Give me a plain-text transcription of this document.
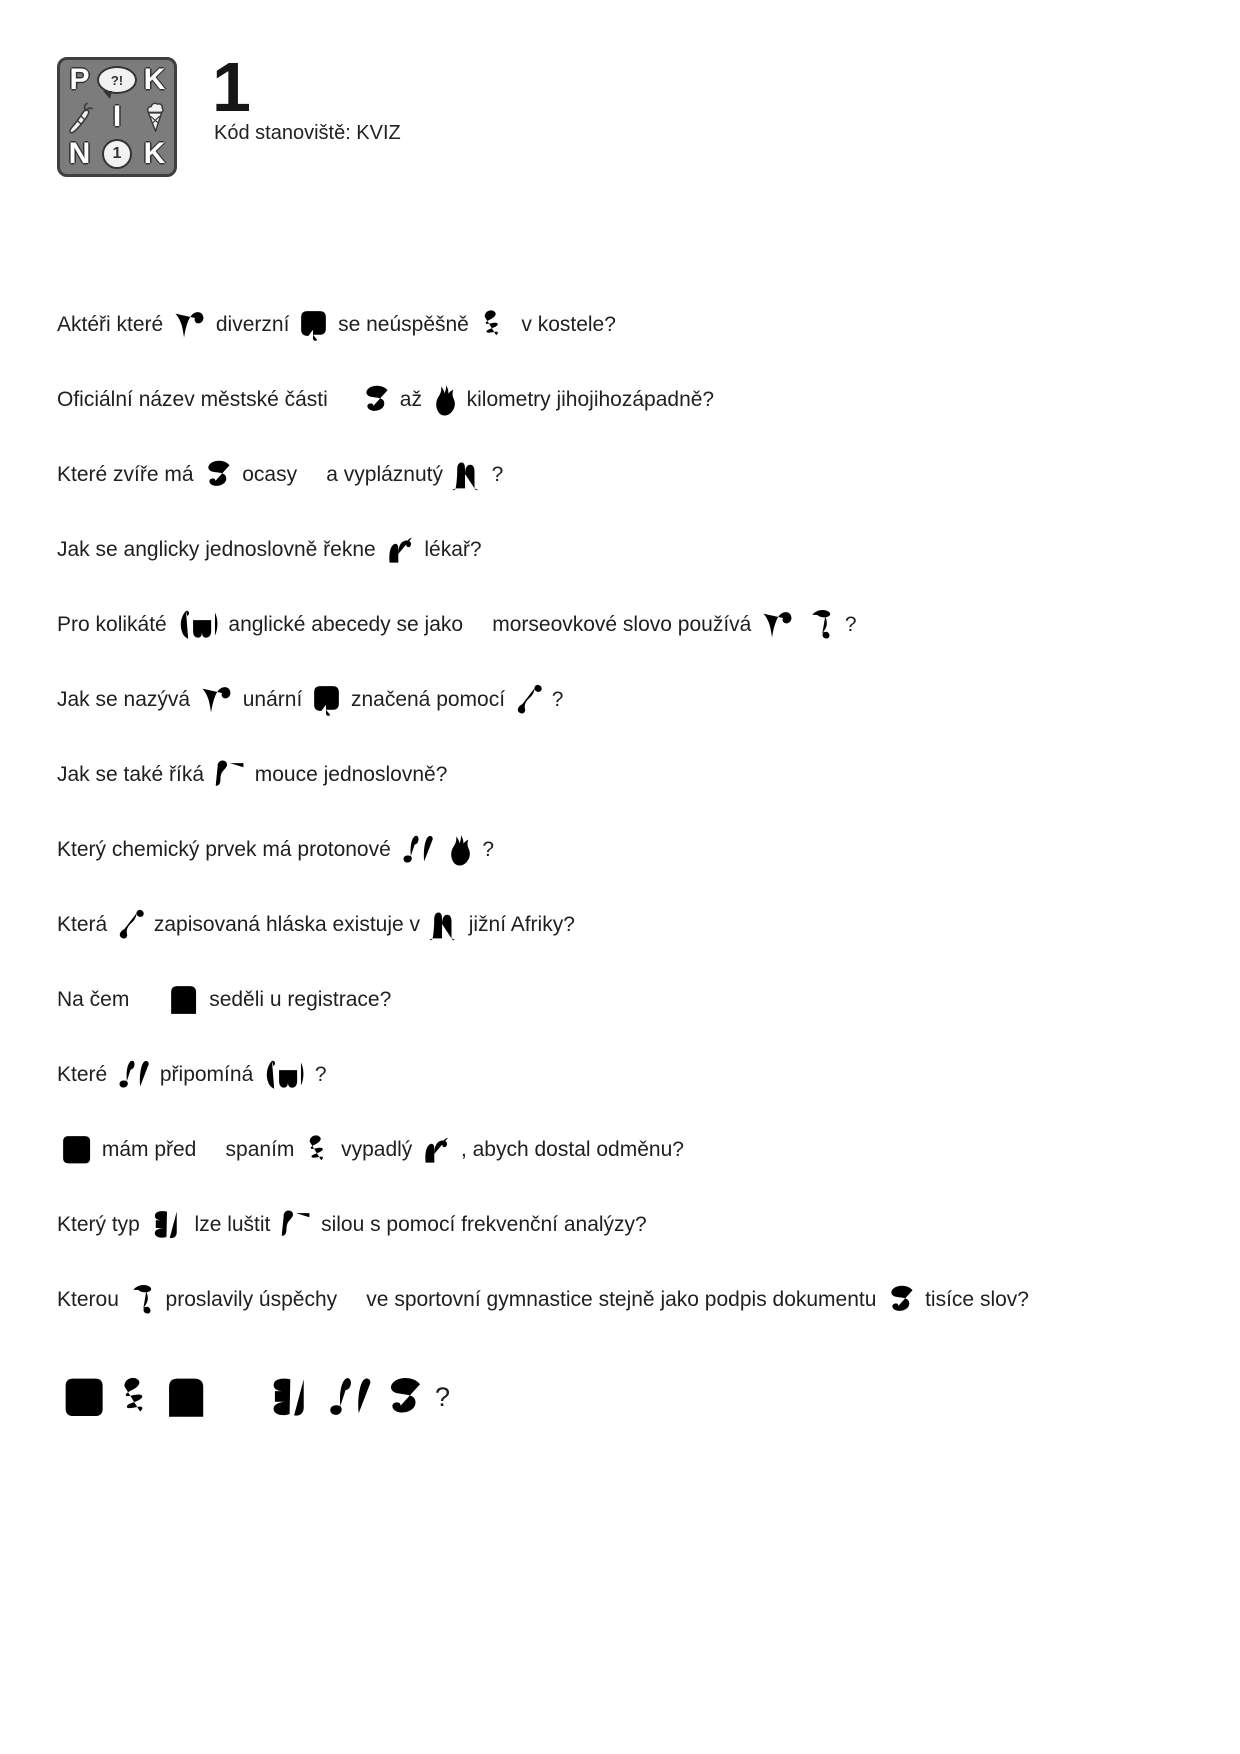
P	?! K
I
N	1 K
1
Kód stanoviště: KVIZ
Aktéři které diverzní se neúspěšně v kostele?
Oficiální název městské části až kilometry jihojihozápadně?
Které zvíře má ocasy     a vypláznutý ?
Jak se anglicky jednoslovně řekne lékař?
Pro kolikáté anglické abecedy se jako     morseovkové slovo používá
	?
Jak se nazývá unární značená pomocí ?
Jak se také říká mouce jednoslovně?
Který chemický prvek má protonové
	?
Která zapisovaná hláska existuje v jižní Afriky?
Na čem seděli u registrace?
Které připomíná ?
mám před     spaním vypadlý , abych dostal odměnu?
Který typ lze luštit silou s pomocí frekvenční analýzy?
Kterou proslavily úspěchy     ve sportovní gymnastice stejně jako podpis dokumentu tisíce slov?
?
